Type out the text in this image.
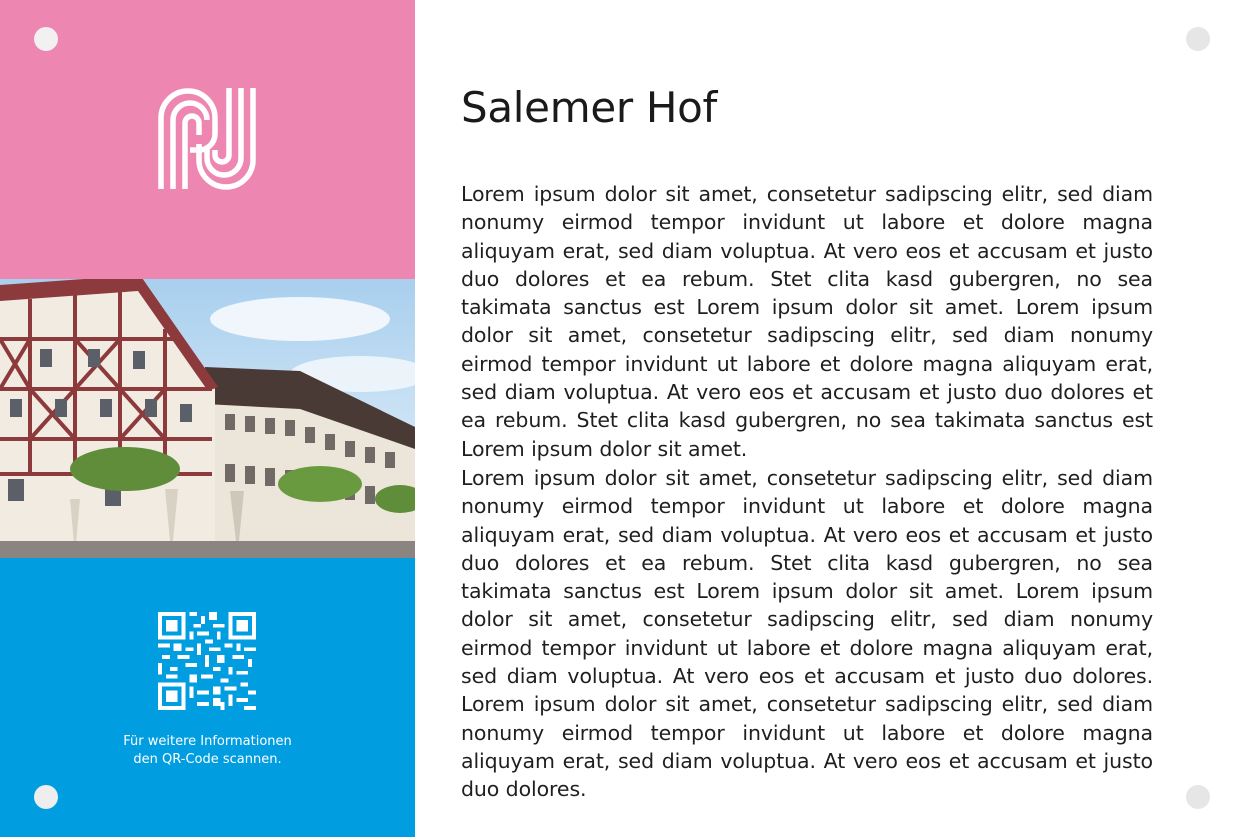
Für weitere Informationen
den QR-Code scannen.
Salemer Hof

Lorem ipsum dolor sit amet, consetetur sadipscing elitr, sed diam nonumy eirmod tempor invidunt ut labore et dolore magna aliquyam erat, sed diam voluptua. At vero eos et accusam et justo duo dolores et ea rebum. Stet clita kasd gubergren, no sea takimata sanctus est Lorem ipsum dolor sit amet. Lorem ipsum dolor sit amet, consetetur sadipscing elitr, sed diam nonumy eirmod tempor invidunt ut labore et dolore magna aliquyam erat, sed diam voluptua. At vero eos et accusam et justo duo dolores et ea rebum. Stet clita kasd gubergren, no sea takimata sanctus est Lorem ipsum dolor sit amet.

Lorem ipsum dolor sit amet, consetetur sadipscing elitr, sed diam nonumy eirmod tempor invidunt ut labore et dolore magna aliquyam erat, sed diam voluptua. At vero eos et accusam et justo duo dolores et ea rebum. Stet clita kasd gubergren, no sea takimata sanctus est Lorem ipsum dolor sit amet. Lorem ipsum dolor sit amet, consetetur sadipscing elitr, sed diam nonumy eirmod tempor invidunt ut labore et dolore magna aliquyam erat, sed diam voluptua. At vero eos et accusam et justo duo dolores. Lorem ipsum dolor sit amet, consetetur sadipscing elitr, sed diam nonumy eirmod tempor invidunt ut labore et dolore magna aliquyam erat, sed diam voluptua. At vero eos et accusam et justo duo dolores.
